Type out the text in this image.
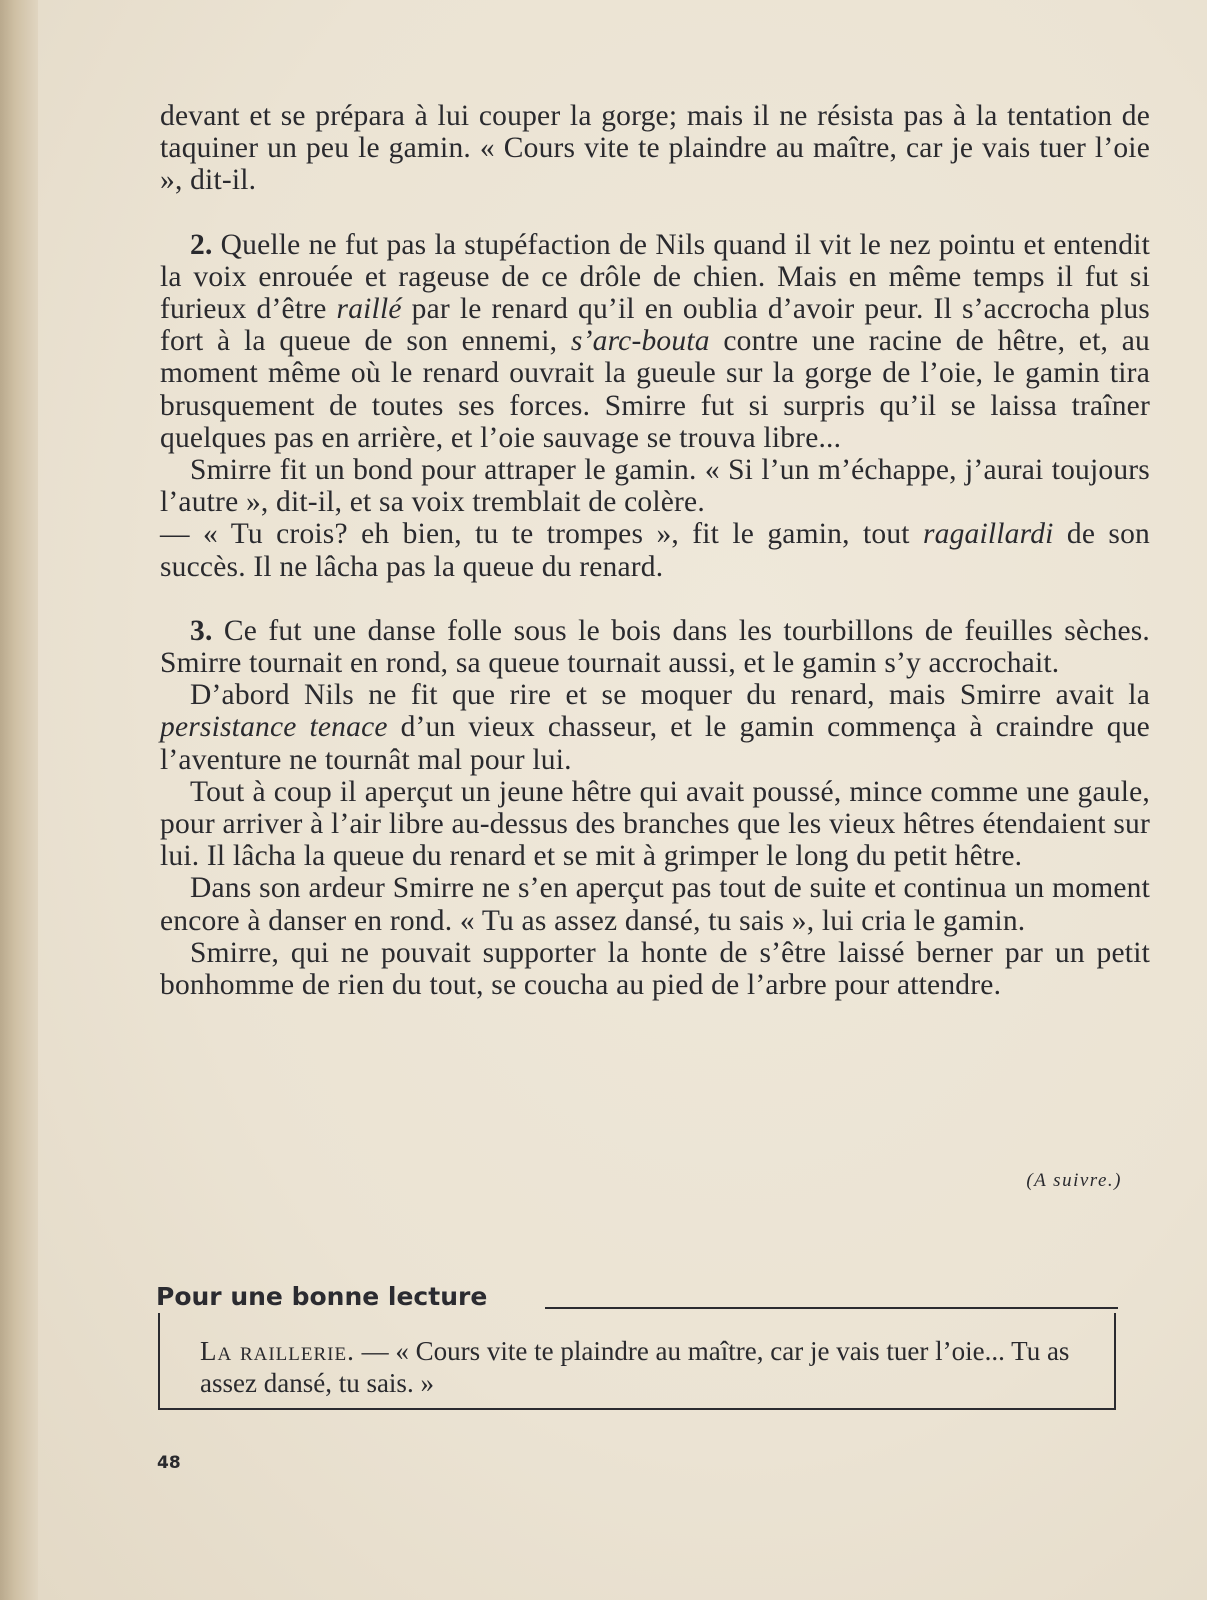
devant et se prépara à lui couper la gorge; mais il ne résista pas à la tentation de taquiner un peu le gamin. « Cours vite te plaindre au maître, car je vais tuer l’oie », dit-il.

2. Quelle ne fut pas la stupéfaction de Nils quand il vit le nez pointu et entendit la voix enrouée et rageuse de ce drôle de chien. Mais en même temps il fut si furieux d’être raillé par le renard qu’il en oublia d’avoir peur. Il s’accrocha plus fort à la queue de son ennemi, s’arc-bouta contre une racine de hêtre, et, au moment même où le renard ouvrait la gueule sur la gorge de l’oie, le gamin tira brusquement de toutes ses forces. Smirre fut si surpris qu’il se laissa traîner quelques pas en arrière, et l’oie sauvage se trouva libre...

Smirre fit un bond pour attraper le gamin. « Si l’un m’échappe, j’aurai toujours l’autre », dit-il, et sa voix tremblait de colère.

— « Tu crois? eh bien, tu te trompes », fit le gamin, tout ragaillardi de son succès. Il ne lâcha pas la queue du renard.

3. Ce fut une danse folle sous le bois dans les tourbillons de feuilles sèches. Smirre tournait en rond, sa queue tournait aussi, et le gamin s’y accrochait.

D’abord Nils ne fit que rire et se moquer du renard, mais Smirre avait la persistance tenace d’un vieux chasseur, et le gamin commença à craindre que l’aventure ne tournât mal pour lui.

Tout à coup il aperçut un jeune hêtre qui avait poussé, mince comme une gaule, pour arriver à l’air libre au-dessus des branches que les vieux hêtres étendaient sur lui. Il lâcha la queue du renard et se mit à grimper le long du petit hêtre.

Dans son ardeur Smirre ne s’en aperçut pas tout de suite et continua un moment encore à danser en rond. « Tu as assez dansé, tu sais », lui cria le gamin.

Smirre, qui ne pouvait supporter la honte de s’être laissé berner par un petit bonhomme de rien du tout, se coucha au pied de l’arbre pour attendre.

(A suivre.)
Pour une bonne lecture
La raillerie. — « Cours vite te plaindre au maître, car je vais tuer l’oie... Tu as assez dansé, tu sais. »
48
